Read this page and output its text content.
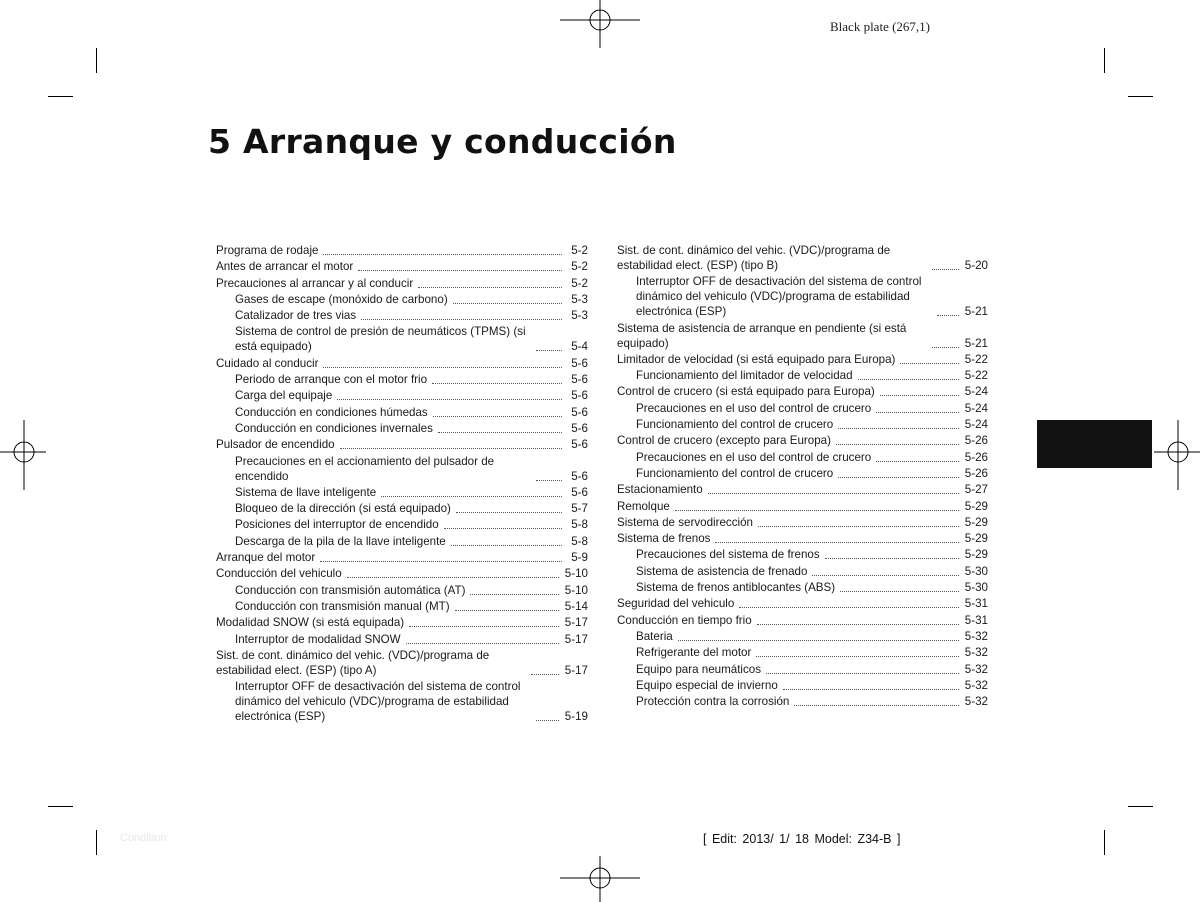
Black plate (267,1)
5 Arranque y conducción
Programa de rodaje	5-2
Antes de arrancar el motor	5-2
Precauciones al arrancar y al conducir	5-2
Gases de escape (monóxido de carbono)	5-3
Catalizador de tres vias	5-3
Sistema de control de presión de neumáticos (TPMS) (si está equipado)	5-4
Cuidado al conducir	5-6
Periodo de arranque con el motor frio	5-6
Carga del equipaje	5-6
Conducción en condiciones húmedas	5-6
Conducción en condiciones invernales	5-6
Pulsador de encendido	5-6
Precauciones en el accionamiento del pulsador de encendido	5-6
Sistema de llave inteligente	5-6
Bloqueo de la dirección (si está equipado)	5-7
Posiciones del interruptor de encendido	5-8
Descarga de la pila de la llave inteligente	5-8
Arranque del motor	5-9
Conducción del vehiculo	5-10
Conducción con transmisión automática (AT)	5-10
Conducción con transmisión manual (MT)	5-14
Modalidad SNOW (si está equipada)	5-17
Interruptor de modalidad SNOW	5-17
Sist. de cont. dinámico del vehic. (VDC)/programa de estabilidad elect. (ESP) (tipo A)	5-17
Interruptor OFF de desactivación del sistema de control dinámico del vehiculo (VDC)/programa de estabilidad electrónica (ESP)	5-19
Sist. de cont. dinámico del vehic. (VDC)/programa de estabilidad elect. (ESP) (tipo B)	5-20
Interruptor OFF de desactivación del sistema de control dinámico del vehiculo (VDC)/programa de estabilidad electrónica (ESP)	5-21
Sistema de asistencia de arranque en pendiente (si está equipado)	5-21
Limitador de velocidad (si está equipado para Europa)	5-22
Funcionamiento del limitador de velocidad	5-22
Control de crucero (si está equipado para Europa)	5-24
Precauciones en el uso del control de crucero	5-24
Funcionamiento del control de crucero	5-24
Control de crucero (excepto para Europa)	5-26
Precauciones en el uso del control de crucero	5-26
Funcionamiento del control de crucero	5-26
Estacionamiento	5-27
Remolque	5-29
Sistema de servodirección	5-29
Sistema de frenos	5-29
Precauciones del sistema de frenos	5-29
Sistema de asistencia de frenado	5-30
Sistema de frenos antiblocantes (ABS)	5-30
Seguridad del vehiculo	5-31
Conducción en tiempo frio	5-31
Bateria	5-32
Refrigerante del motor	5-32
Equipo para neumáticos	5-32
Equipo especial de invierno	5-32
Protección contra la corrosión	5-32
Condition:	[ Edit: 2013/ 1/ 18 Model: Z34-B ]
